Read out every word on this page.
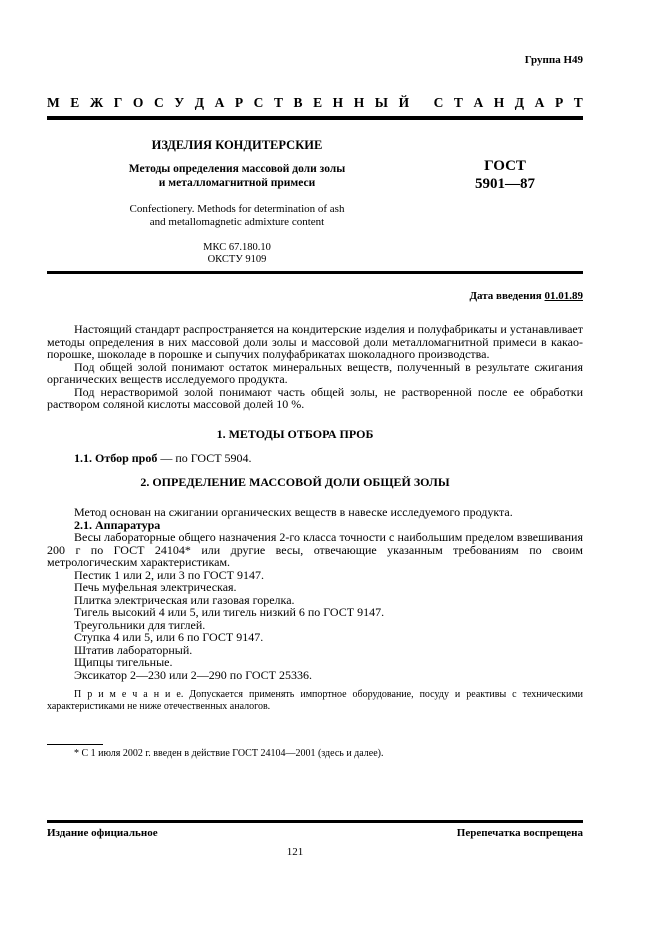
Группа Н49
М Е Ж Г О С У Д А Р С Т В Е Н Н Ы Й
С Т А Н Д А Р Т
ИЗДЕЛИЯ КОНДИТЕРСКИЕ
Методы определения массовой доли золы
и металломагнитной примеси
Confectionery. Methods for determination of ash
and metallomagnetic admixture content
МКС 67.180.10
ОКСТУ 9109
ГОСТ
5901—87
Дата введения 01.01.89

Настоящий стандарт распространяется на кондитерские изделия и полуфабрикаты и устанавливает методы определения в них массовой доли золы и массовой доли металломагнитной примеси в какао-порошке, шоколаде в порошке и сыпучих полуфабрикатах шоколадного производства.

Под общей золой понимают остаток минеральных веществ, полученный в результате сжигания органических веществ исследуемого продукта.

Под нерастворимой золой понимают часть общей золы, не растворенной после ее обработки раствором соляной кислоты массовой долей 10 %.

1. МЕТОДЫ ОТБОРА ПРОБ
1.1. Отбор проб — по ГОСТ 5904.
2. ОПРЕДЕЛЕНИЕ МАССОВОЙ ДОЛИ ОБЩЕЙ ЗОЛЫ

Метод основан на сжигании органических веществ в навеске исследуемого продукта.

2.1. Аппаратура

Весы лабораторные общего назначения 2-го класса точности с наибольшим пределом взвешивания 200 г по ГОСТ 24104* или другие весы, отвечающие указанным требованиям по своим метрологическим характеристикам.

Пестик 1 или 2, или 3 по ГОСТ 9147.

Печь муфельная электрическая.

Плитка электрическая или газовая горелка.

Тигель высокий 4 или 5, или тигель низкий 6 по ГОСТ 9147.

Треугольники для тиглей.

Ступка 4 или 5, или 6 по ГОСТ 9147.

Штатив лабораторный.

Щипцы тигельные.

Эксикатор 2—230 или 2—290 по ГОСТ 25336.

П р и м е ч а н и е. Допускается применять импортное оборудование, посуду и реактивы с техническими характеристиками не ниже отечественных аналогов.

* С 1 июля 2002 г. введен в действие ГОСТ 24104—2001 (здесь и далее).

Издание официальное	Перепечатка воспрещена
121
